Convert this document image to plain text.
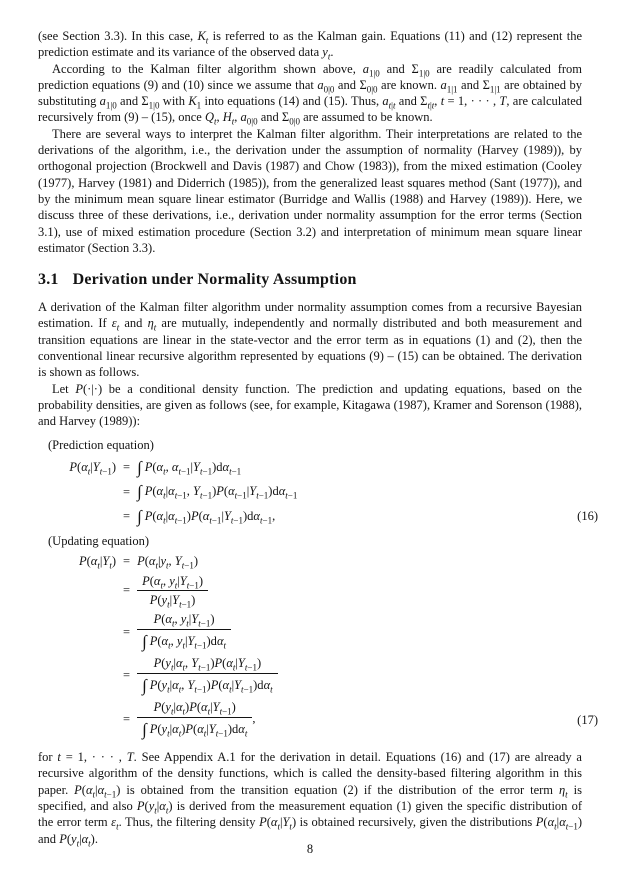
(see Section 3.3). In this case, $K_t$ is referred to as the Kalman gain. Equations (11) and (12) represent the prediction estimate and its variance of the observed data $y_t$.

According to the Kalman filter algorithm shown above, $a_{1|0}$ and $\Sigma_{1|0}$ are readily calculated from prediction equations (9) and (10) since we assume that $a_{0|0}$ and $\Sigma_{0|0}$ are known. $a_{1|1}$ and $\Sigma_{1|1}$ are obtained by substituting $a_{1|0}$ and $\Sigma_{1|0}$ with $K_1$ into equations (14) and (15). Thus, $a_{t|t}$ and $\Sigma_{t|t}$, t = 1, · · · , T, are calculated recursively from (9) – (15), once $Q_t$, $H_t$, $a_{0|0}$ and $\Sigma_{0|0}$ are assumed to be known.

There are several ways to interpret the Kalman filter algorithm. Their interpretations are related to the derivations of the algorithm, i.e., the derivation under the assumption of normality (Harvey (1989)), by orthogonal projection (Brockwell and Davis (1987) and Chow (1983)), from the mixed estimation (Cooley (1977), Harvey (1981) and Diderrich (1985)), from the generalized least squares method (Sant (1977)), and by the minimum mean square linear estimator (Burridge and Wallis (1988) and Harvey (1989)). Here, we discuss three of these derivations, i.e., derivation under normality assumption for the error terms (Section 3.1), use of mixed estimation procedure (Section 3.2) and interpretation of minimum mean square linear estimator (Section 3.3).

3.1 Derivation under Normality Assumption

A derivation of the Kalman filter algorithm under normality assumption comes from a recursive Bayesian estimation. If $\varepsilon_t$ and $\eta_t$ are mutually, independently and normally distributed and both measurement and transition equations are linear in the state-vector and the error term as in equations (1) and (2), then the conventional linear recursive algorithm represented by equations (9) – (15) can be obtained. The derivation is shown as follows.

Let P(·|·) be a conditional density function. The prediction and updating equations, based on the probability densities, are given as follows (see, for example, Kitagawa (1987), Kramer and Sorenson (1988), and Harvey (1989)):

(Prediction equation)
$P(\alpha_t|Y_{t-1})$ = ∫ $P(\alpha_t$, $\alpha_{t-1}|Y_{t-1})d\alpha_{t-1}$
= ∫ $P(\alpha_t|\alpha_{t-1}$, $Y_{t-1})P(\alpha_{t-1}|Y_{t-1})d\alpha_{t-1}$
= ∫ $P(\alpha_t|\alpha_{t-1})P(\alpha_{t-1}|Y_{t-1})d\alpha_{t-1}$,	(16)
(Updating equation)
$P(\alpha_t|Y_t) = P(\alpha_t|y_t$, $Y_{t-1}$)
= $\frac{P(\alpha_t, y_t|Y_{t-1})}{P(y_t|Y_{t-1})}$
= $\frac{P(\alpha_t, y_t|Y_{t-1})}{\int P(\alpha_t, y_t|Y_{t-1})d\alpha_t}$
= $\frac{P(y_t|\alpha_t, Y_{t-1})P(\alpha_t|Y_{t-1})}{\int P(y_t|\alpha_t, Y_{t-1})P(\alpha_t|Y_{t-1})d\alpha_t}$
= $\frac{P(y_t|\alpha_t)P(\alpha_t|Y_{t-1})}{\int P(y_t|\alpha_t)P(\alpha_t|Y_{t-1})d\alpha_t}$ ,	(17)

for t = 1, · · · , T. See Appendix A.1 for the derivation in detail. Equations (16) and (17) are already a recursive algorithm of the density functions, which is called the density-based filtering algorithm in this paper. $P(\alpha_t|\alpha_{t-1})$ is obtained from the transition equation (2) if the distribution of the error term $\eta_t$ is specified, and also $P(y_t|\alpha_t)$ is derived from the measurement equation (1) given the specific distribution of the error term $\varepsilon_t$. Thus, the filtering density $P(\alpha_t|Y_t)$ is obtained recursively, given the distributions $P(\alpha_t|\alpha_{t-1})$ and $P(y_t|\alpha_t)$.

8
